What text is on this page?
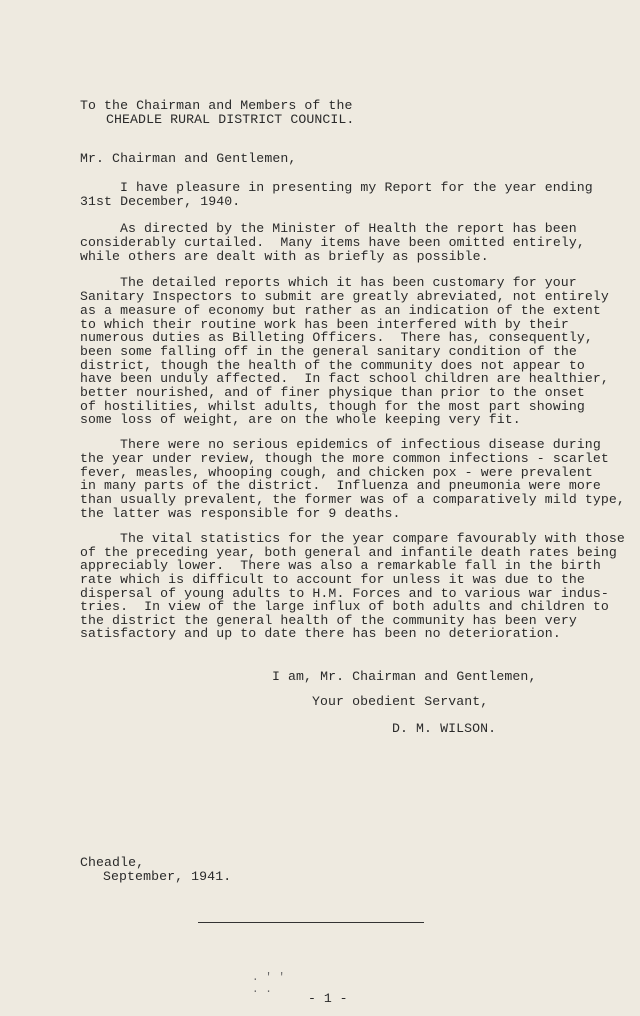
To the Chairman and Members of the
CHEADLE RURAL DISTRICT COUNCIL.
Mr. Chairman and Gentlemen,
I have pleasure in presenting my Report for the year ending
31st December, 1940.
As directed by the Minister of Health the report has been
considerably curtailed.  Many items have been omitted entirely,
while others are dealt with as briefly as possible.
The detailed reports which it has been customary for your
Sanitary Inspectors to submit are greatly abreviated, not entirely
as a measure of economy but rather as an indication of the extent
to which their routine work has been interfered with by their
numerous duties as Billeting Officers.  There has, consequently,
been some falling off in the general sanitary condition of the
district, though the health of the community does not appear to
have been unduly affected.  In fact school children are healthier,
better nourished, and of finer physique than prior to the onset
of hostilities, whilst adults, though for the most part showing
some loss of weight, are on the whole keeping very fit.
There were no serious epidemics of infectious disease during
the year under review, though the more common infections - scarlet
fever, measles, whooping cough, and chicken pox - were prevalent
in many parts of the district.  Influenza and pneumonia were more
than usually prevalent, the former was of a comparatively mild type,
the latter was responsible for 9 deaths.
The vital statistics for the year compare favourably with those
of the preceding year, both general and infantile death rates being
appreciably lower.  There was also a remarkable fall in the birth
rate which is difficult to account for unless it was due to the
dispersal of young adults to H.M. Forces and to various war indus-
tries.  In view of the large influx of both adults and children to
the district the general health of the community has been very
satisfactory and up to date there has been no deterioration.
I am, Mr. Chairman and Gentlemen,
Your obedient Servant,
D. M. WILSON.
Cheadle,
September, 1941.
. ' '
. .
- 1 -
